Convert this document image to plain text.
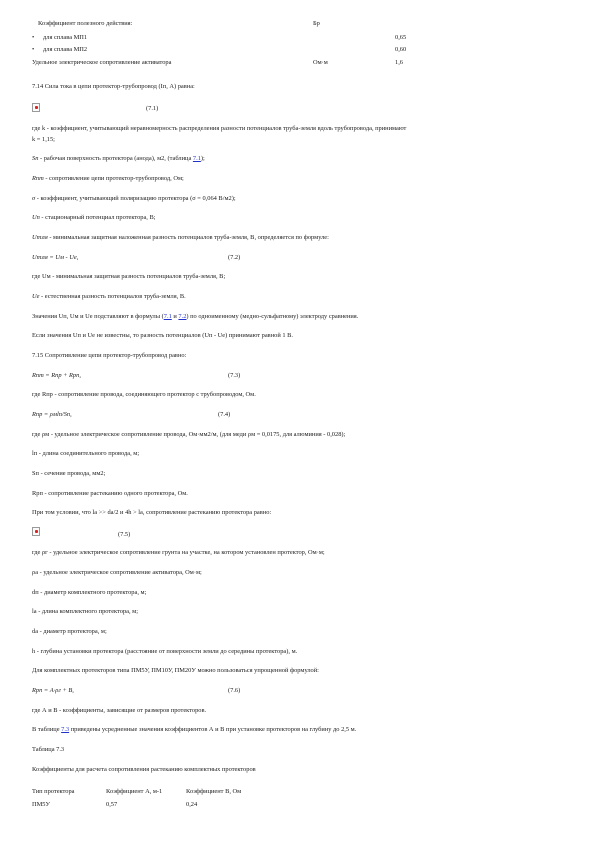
Коэффициент полезного действия:	Бр
• для сплава МП1	0,65
• для сплава МП2	0,60
Удельное электрическое сопротивление активатора	Ом·м	1,6
7.14 Сила тока в цепи протектор-трубопровод (Iп, А) равна:
(7.1)
где k - коэффициент, учитывающий неравномерность распределения разности потенциалов труба-земля вдоль трубопровода, принимают
k = 1,15;
Sп - рабочая поверхность протектора (анода), м2, (таблица 7.1);
Rпт - сопротивление цепи протектор-трубопровод, Ом;
σ - коэффициент, учитывающий поляризацию протектора (σ = 0,064 В/м2);
Uп - стационарный потенциал протектора, В;
Uтзм - минимальная защитная наложенная разность потенциалов труба-земля, В, определяется по формуле:
Uтзм = Uм - Uе,	(7.2)
где Uм - минимальная защитная разность потенциалов труба-земля, В;
Uе - естественная разность потенциалов труба-земля, В.
Значения Uп, Uм и Uе подставляют в формулы (7.1 и 7.2) по одноименному (медно-сульфатному) электроду сравнения.
Если значения Uп и Uе не известны, то разность потенциалов (Uп - Uе) принимают равной 1 В.
7.15 Сопротивление цепи протектор-трубопровод равно:
Rпт = Rпр + Rрп,	(7.3)
где Rпр - сопротивление провода, соединяющего протектор с трубопроводом, Ом.
Rпр = ρмlп/Sп,	(7.4)
где ρм - удельное электрическое сопротивление провода, Ом·мм2/м, (для меди ρм = 0,0175, для алюминия - 0,028);
lп - длина соединительного провода, м;
Sп - сечение провода, мм2;
Rрп - сопротивление растеканию одного протектора, Ом.
При том условии, что lа >> dа/2 и 4h > lа, сопротивление растеканию протектора равно:
(7.5)
где ρг - удельное электрическое сопротивление грунта на участке, на котором установлен протектор, Ом·м;
ρа - удельное электрическое сопротивление активатора, Ом·м;
dп - диаметр комплектного протектора, м;
lа - длина комплектного протектора, м;
dа - диаметр протектора, м;
h - глубина установки протектора (расстояние от поверхности земли до середины протектора), м.
Для комплектных протекторов типа ПМ5У, ПМ10У, ПМ20У можно пользоваться упрощенной формулой:
Rрп = А·ρг + В,	(7.6)
где А и В - коэффициенты, зависящие от размеров протекторов.
В таблице 7.3 приведены усредненные значения коэффициентов А и В при установке протекторов на глубину до 2,5 м.
Таблица 7.3
Коэффициенты для расчета сопротивления растеканию комплектных протекторов
Тип протектора	Коэффициент А, м-1	Коэффициент В, Ом
ПМ5У	0,57	0,24
